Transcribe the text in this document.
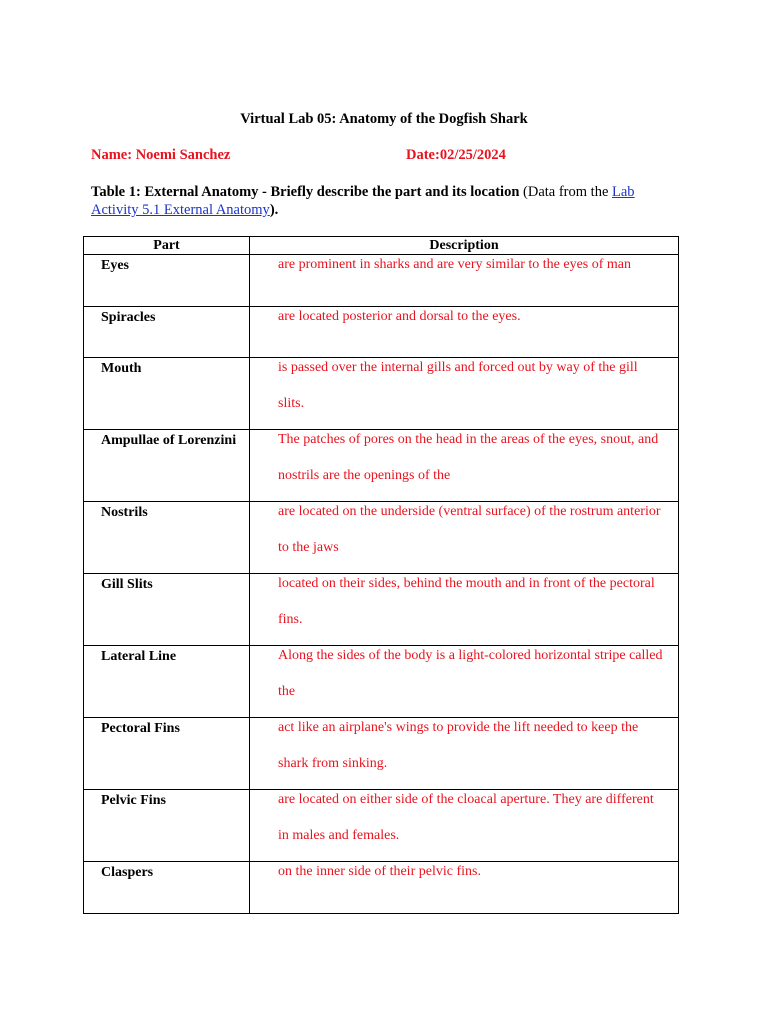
Virtual Lab 05: Anatomy of the Dogfish Shark
Name: Noemi Sanchez	Date:02/25/2024
Table 1: External Anatomy - Briefly describe the part and its location (Data from the Lab Activity 5.1 External Anatomy).
Part	Description
Eyes	are prominent in sharks and are very similar to the eyes of man

Spiracles	are located posterior and dorsal to the eyes.

Mouth	is passed over the internal gills and forced out by way of the gill slits.

Ampullae of Lorenzini	The patches of pores on the head in the areas of the eyes, snout, and nostrils are the openings of the

Nostrils	are located on the underside (ventral surface) of the rostrum anterior to the jaws

Gill Slits	located on their sides, behind the mouth and in front of the pectoral fins.

Lateral Line	Along the sides of the body is a light-colored horizontal stripe called the

Pectoral Fins	act like an airplane's wings to provide the lift needed to keep the shark from sinking.

Pelvic Fins	are located on either side of the cloacal aperture. They are different in males and females.

Claspers	on the inner side of their pelvic fins.
